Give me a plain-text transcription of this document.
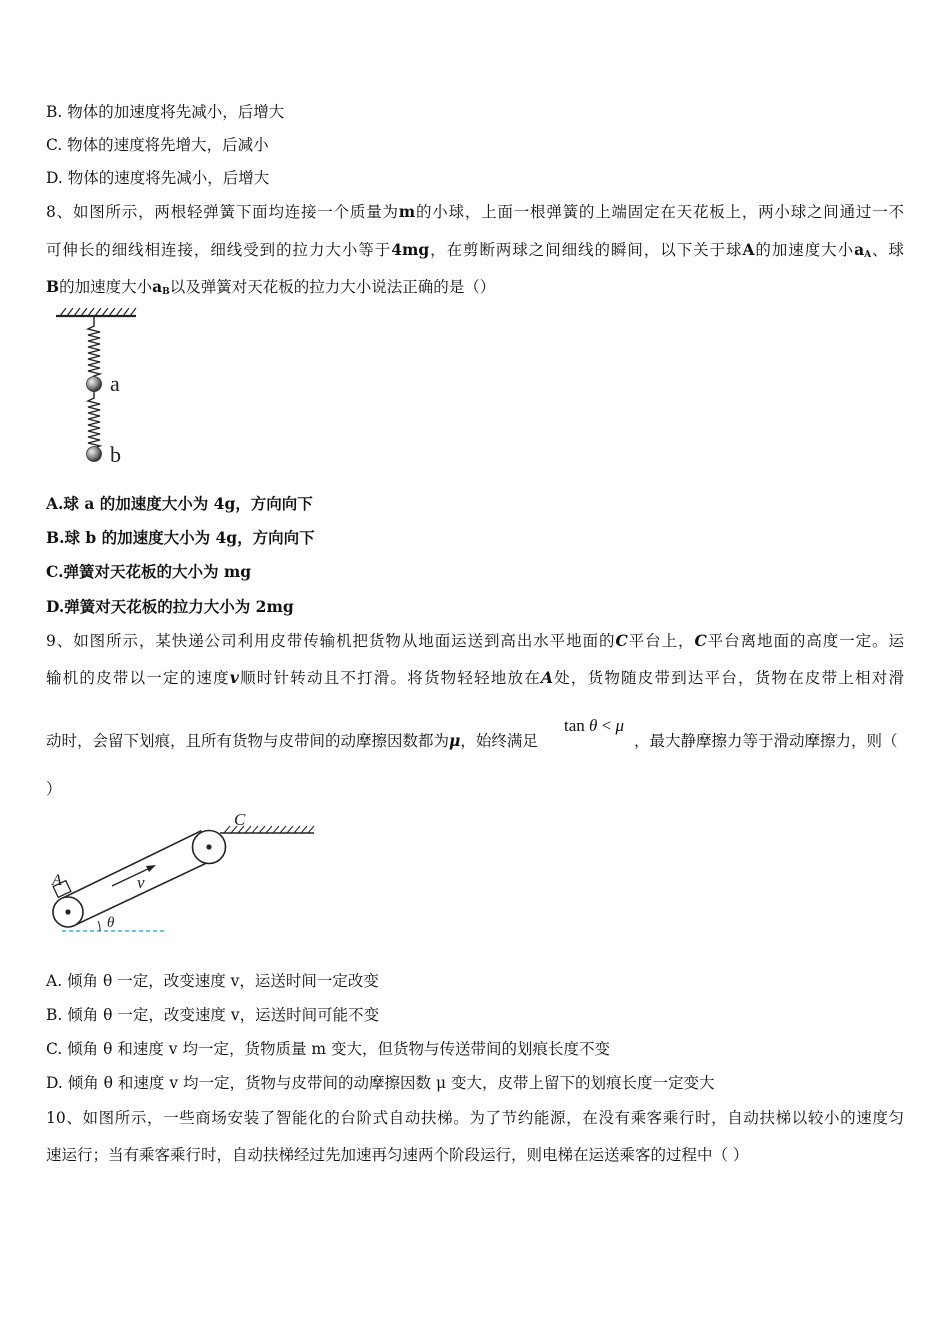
B. 物体的加速度将先减小，后增大
C. 物体的速度将先增大，后减小
D. 物体的速度将先减小，后增大
8、如图所示，两根轻弹簧下面均连接一个质量为m的小球，上面一根弹簧的上端固定在天花板上，两小球之间通过一不
可伸长的细线相连接，细线受到的拉力大小等于4mg，在剪断两球之间细线的瞬间，以下关于球A的加速度大小$a_A$、球
B的加速度大小$a_B$以及弹簧对天花板的拉力大小说法正确的是（）
a
b
A.球 a 的加速度大小为 4g，方向向下
B.球 b 的加速度大小为 4g，方向向下
C.弹簧对天花板的大小为 mg
D.弹簧对天花板的拉力大小为 2mg
9、如图所示，某快递公司利用皮带传输机把货物从地面运送到高出水平地面的C平台上，C平台离地面的高度一定。运
输机的皮带以一定的速度v顺时针转动且不打滑。将货物轻轻地放在A处，货物随皮带到达平台，货物在皮带上相对滑
动时，会留下划痕，且所有货物与皮带间的动摩擦因数都为μ，始终满足
tan θ < μ
，最大静摩擦力等于滑动摩擦力，则（
）
C
A	v
θ
A. 倾角 θ 一定，改变速度 v，运送时间一定改变
B. 倾角 θ 一定，改变速度 v，运送时间可能不变
C. 倾角 θ 和速度 v 均一定，货物质量 m 变大，但货物与传送带间的划痕长度不变
D. 倾角 θ 和速度 v 均一定，货物与皮带间的动摩擦因数 μ 变大，皮带上留下的划痕长度一定变大
10、如图所示，一些商场安装了智能化的台阶式自动扶梯。为了节约能源，在没有乘客乘行时，自动扶梯以较小的速度匀
速运行；当有乘客乘行时，自动扶梯经过先加速再匀速两个阶段运行，则电梯在运送乘客的过程中（ ）
